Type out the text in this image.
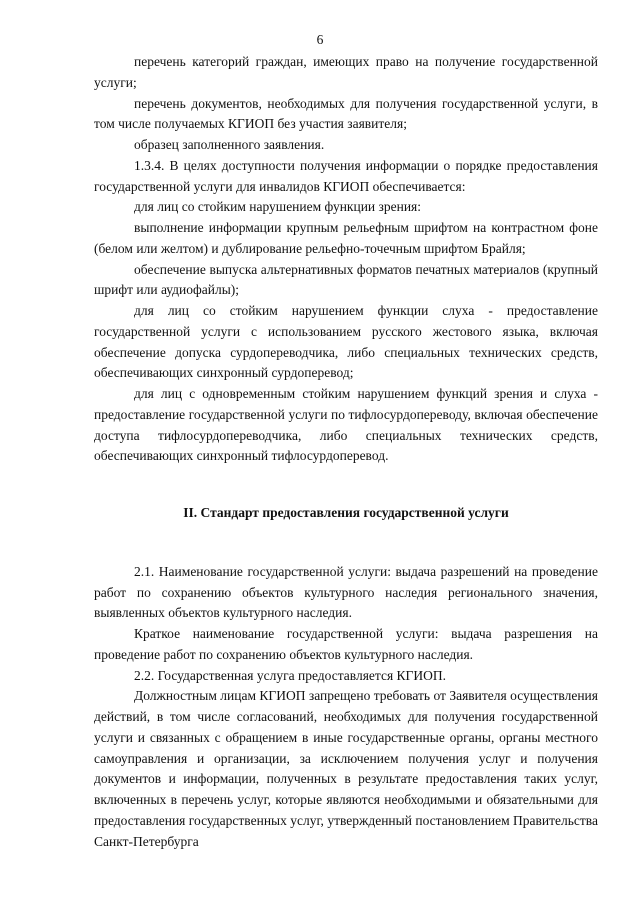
6

перечень категорий граждан, имеющих право на получение государственной услуги;

перечень документов, необходимых для получения государственной услуги, в том числе получаемых КГИОП без участия заявителя;

образец заполненного заявления.

1.3.4. В целях доступности получения информации о порядке предоставления государственной услуги для инвалидов КГИОП обеспечивается:

для лиц со стойким нарушением функции зрения:

выполнение информации крупным рельефным шрифтом на контрастном фоне (белом или желтом) и дублирование рельефно-точечным шрифтом Брайля;

обеспечение выпуска альтернативных форматов печатных материалов (крупный шрифт или аудиофайлы);

для лиц со стойким нарушением функции слуха - предоставление государственной услуги с использованием русского жестового языка, включая обеспечение допуска сурдопереводчика, либо специальных технических средств, обеспечивающих синхронный сурдоперевод;

для лиц с одновременным стойким нарушением функций зрения и слуха - предоставление государственной услуги по тифлосурдопереводу, включая обеспечение доступа тифлосурдопереводчика, либо специальных технических средств, обеспечивающих синхронный тифлосурдоперевод.

II. Стандарт предоставления государственной услуги

2.1. Наименование государственной услуги: выдача разрешений на проведение работ по сохранению объектов культурного наследия регионального значения, выявленных объектов культурного наследия.

Краткое наименование государственной услуги: выдача разрешения на проведение работ по сохранению объектов культурного наследия.

2.2. Государственная услуга предоставляется КГИОП.

Должностным лицам КГИОП запрещено требовать от Заявителя осуществления действий, в том числе согласований, необходимых для получения государственной услуги и связанных с обращением в иные государственные органы, органы местного самоуправления и организации, за исключением получения услуг и получения документов и информации, полученных в результате предоставления таких услуг, включенных в перечень услуг, которые являются необходимыми и обязательными для предоставления государственных услуг, утвержденный постановлением Правительства Санкт-Петербурга
